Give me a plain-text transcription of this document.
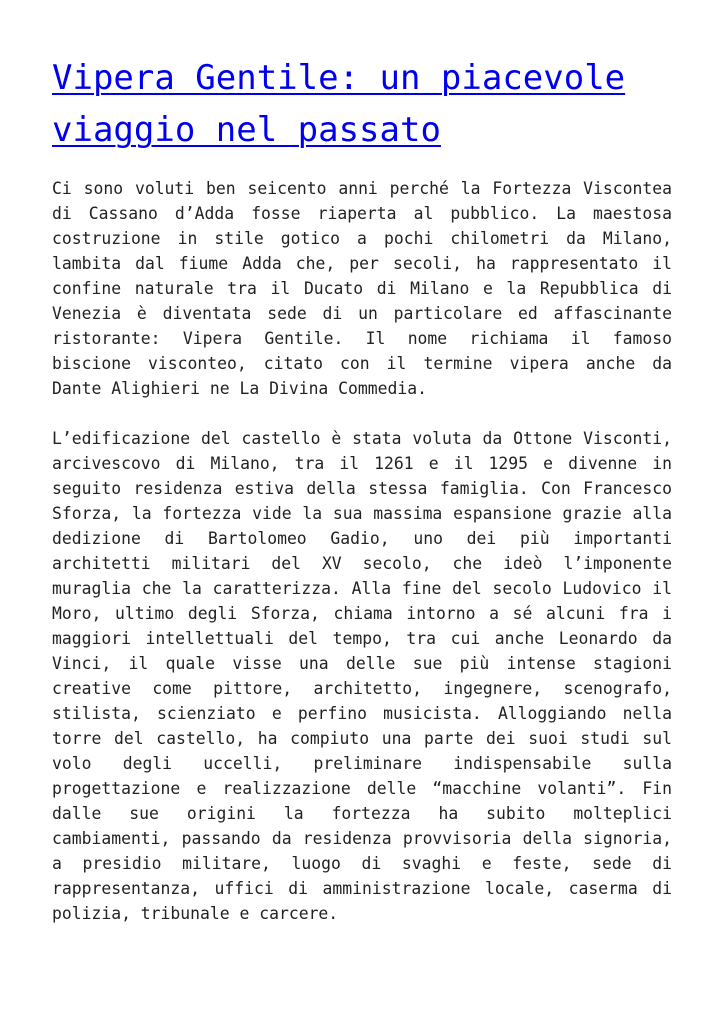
Vipera Gentile: un piacevole viaggio nel passato

Ci sono voluti ben seicento anni perché la Fortezza Viscontea di Cassano d’Adda fosse riaperta al pubblico. La maestosa costruzione in stile gotico a pochi chilometri da Milano, lambita dal fiume Adda che, per secoli, ha rappresentato il confine naturale tra il Ducato di Milano e la Repubblica di Venezia è diventata sede di un particolare ed affascinante ristorante: Vipera Gentile. Il nome richiama il famoso biscione visconteo, citato con il termine vipera anche da Dante Alighieri ne La Divina Commedia.

L’edificazione del castello è stata voluta da Ottone Visconti, arcivescovo di Milano, tra il 1261 e il 1295 e divenne in seguito residenza estiva della stessa famiglia. Con Francesco Sforza, la fortezza vide la sua massima espansione grazie alla dedizione di Bartolomeo Gadio, uno dei più importanti architetti militari del XV secolo, che ideò l’imponente muraglia che la caratterizza. Alla fine del secolo Ludovico il Moro, ultimo degli Sforza, chiama intorno a sé alcuni fra i maggiori intellettuali del tempo, tra cui anche Leonardo da Vinci, il quale visse una delle sue più intense stagioni creative come pittore, architetto, ingegnere, scenografo, stilista, scienziato e perfino musicista. Alloggiando nella torre del castello, ha compiuto una parte dei suoi studi sul volo degli uccelli, preliminare indispensabile sulla progettazione e realizzazione delle “macchine volanti”. Fin dalle sue origini la fortezza ha subito molteplici cambiamenti, passando da residenza provvisoria della signoria, a presidio militare, luogo di svaghi e feste, sede di rappresentanza, uffici di amministrazione locale, caserma di polizia, tribunale e carcere.
